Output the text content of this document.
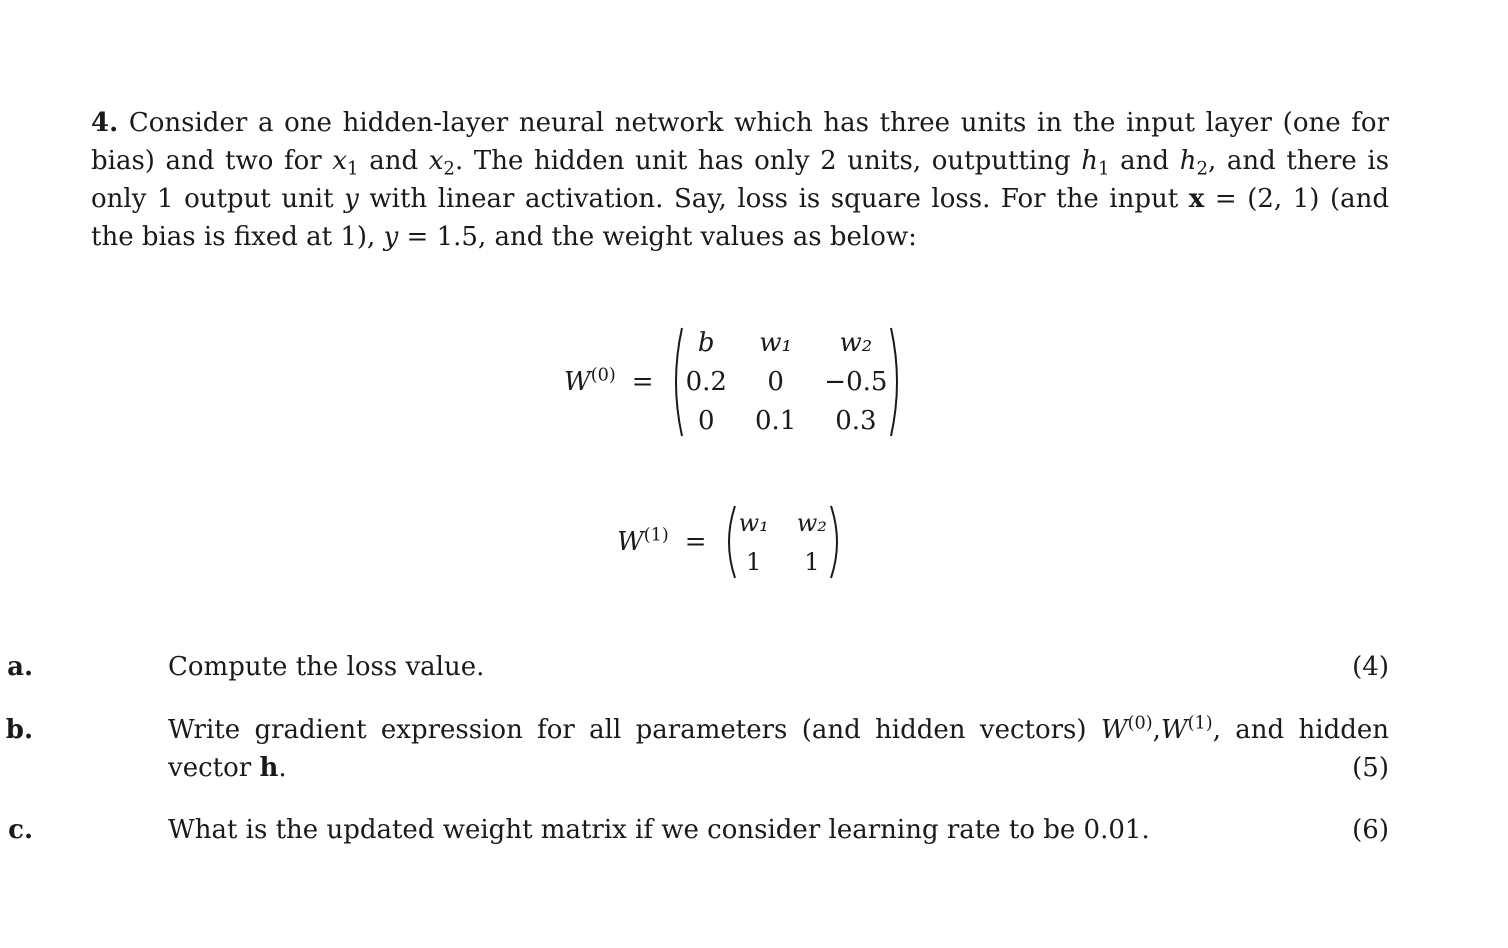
4. Consider a one hidden-layer neural network which has three units in the input layer (one for
bias) and two for $x_1$ and $x_2$. The hidden unit has only 2 units, outputting $h_1$ and $h_2$, and there is
only 1 output unit y with linear activation. Say, loss is square loss. For the input x = (2, 1) (and
the bias is fixed at 1), y = 1.5, and the weight values as below:
$W^{(0)}$ =
b w₁ w₂
0.2 0 −0.5
0 0.1 0.3
$W^{(1)}$ =
w₁ w₂
1 1
a.	Compute the loss value.	(4)
b.	Write gradient expression for all parameters (and hidden vectors) $W^{(0)},W^{(1)}$, and hidden
vector h.	(5)
c.	What is the updated weight matrix if we consider learning rate to be 0.01.	(6)
